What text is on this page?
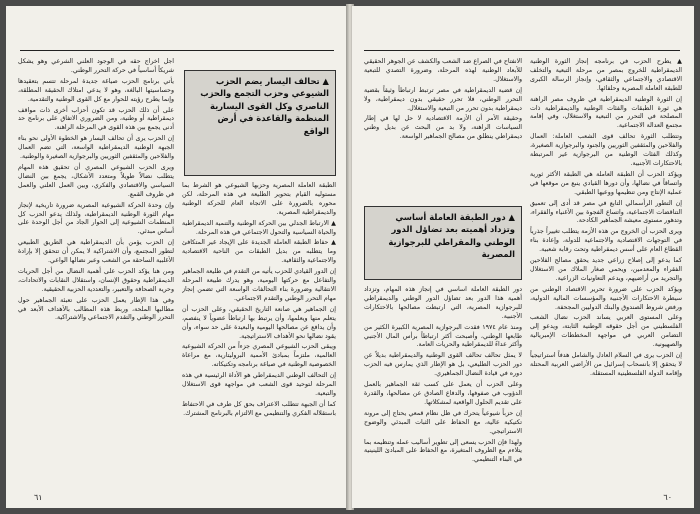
▲ تحالف اليسار يضم الحزب الشيوعي وحزب التجمع والحزب الناصري وكل القوى اليسارية المنظمة والقاعدة في أرض الواقع

الطبقة العاملة المصرية وحزبها الشيوعي هو الشرط بما مستوليه القيام بتحوير الطليعة في هذه المرحلة، لكن محوره بالضرورة على الاتجاه العام للحركة الوطنية والديمقراطية المصرية.

▲ الارتباط الجدلي بين الحركة الوطنية والتنمية الديمقراطية والحياة السياسية والتحول الاجتماعي في هذه المرحلة.

▲ حفاظ الطبقة العاملة الجديدة على الإيجاد غير المتكافئ وما يتطلبه من بديل الطبقات من الناحية الاقتصادية والاجتماعية والثقافية.

إن الدور القيادي للحزب يأتيه من التقدم في طليعة الجماهير والتفاعل مع حركتها اليومية، وهو يدرك طبيعة المرحلة الانتقالية وضرورة بناء التحالفات الواسعة التي تضمن إنجاز مهام التحرر الوطني والتقدم الاجتماعي.

إن الجماهير هي صانعة التاريخ الحقيقي، وعلى الحزب أن يتعلم منها ويعلمها، وأن يرتبط بها ارتباطاً عضوياً لا ينفصم، وأن يدافع عن مصالحها اليومية والبعيدة على حد سواء، وأن يقود نضالها نحو الأهداف الاستراتيجية.

ويبقى الحزب الشيوعي المصري جزءاً من الحركة الشيوعية العالمية، ملتزماً بمبادئ الأممية البروليتارية، مع مراعاة الخصوصية الوطنية في صياغة برنامجه وتكتيكاته.

إن التحالف الوطني الديمقراطي هو الأداة الرئيسية في هذه المرحلة لتوحيد قوى الشعب في مواجهة قوى الاستغلال والتبعية.

كما أن الجبهة تتطلب الاعتراف بحق كل طرف في الاحتفاظ باستقلاله الفكري والتنظيمي مع الالتزام بالبرنامج المشترك.

أجل اخراج حقه في الوجود العلني الشرعي وهو يشكل شريكاً أساسياً في حركة التحرر الوطني.

يأتي برنامج الحزب صياغة جديدة لمرحلة تتسم بتعقيدها وحساسيتها البالغة، وهو لا يدعي امتلاك الحقيقة المطلقة، وإنما يطرح رؤيته للحوار مع كل القوى الوطنية والتقدمية.

على أن ذلك الحزب قد تكون أحزاب أخرى ذات مواقف ديمقراطية أو وطنية، ومن الضروري الاتفاق على برنامج حد أدنى يجمع بين هذه القوى في المرحلة الراهنة.

إن الحزب يرى أن تحالف اليسار هو الخطوة الأولى نحو بناء الجبهة الوطنية الديمقراطية الواسعة، التي تضم العمال والفلاحين والمثقفين الثوريين والبرجوازية الصغيرة والوطنية.

ويرى الحزب الشيوعي المصري أن تحقيق هذه المهام يتطلب نضالاً طويلاً ومتعدد الأشكال، يجمع بين النضال السياسي والاقتصادي والفكري، وبين العمل العلني والعمل في ظروف القمع.

وإن وحدة الحركة الشيوعية المصرية ضرورة تاريخية لإنجاز مهام الثورة الوطنية الديمقراطية، ولذلك يدعو الحزب كل المنظمات الشيوعية إلى الحوار الجاد من أجل الوحدة على أساس مبدئي.

إن الحزب يؤمن بأن الديمقراطية هي الطريق الطبيعي لتطور المجتمع، وأن الاشتراكية لا يمكن أن تتحقق إلا بإرادة الأغلبية الساحقة من الشعب وعبر نضالها الواعي.

ومن هنا يؤكد الحزب على أهمية النضال من أجل الحريات الديمقراطية وحقوق الإنسان، واستقلال النقابات والاتحادات، وحرية الصحافة والتعبير، والتعددية الحزبية الحقيقية.

وفي هذا الإطار يعمل الحزب على تعبئة الجماهير حول مطالبها الملحة، وربط هذه المطالب بالأهداف الأبعد في التحرر الوطني والتقدم الاجتماعي والاشتراكية.

٦١

▲ يطرح الحزب في برنامجه إنجاز الثورة الوطنية الديمقراطية للخروج بمصر من مرحلة التبعية والتخلف الاقتصادي والاجتماعي والثقافي، وإنجاز الرسالة الكبرى للطبقة العاملة المصرية وحلفائها.

إن الثورة الوطنية الديمقراطية في ظروف مصر الراهنة هي ثورة الطبقات والفئات الوطنية والديمقراطية ذات المصلحة في التحرر من التبعية والاستغلال، وفي إقامة مجتمع العدالة الاجتماعية.

وتتطلب الثورة تحالف قوى الشعب العاملة: العمال والفلاحين والمثقفين الثوريين والجنود والبرجوازية الصغيرة، وكذلك الفئات الوطنية من البرجوازية غير المرتبطة بالاحتكارات الأجنبية.

ويؤكد الحزب أن الطبقة العاملة هي الطبقة الأكثر ثورية واتساقاً في نضالها، وأن دورها القيادي ينبع من موقعها في عملية الإنتاج ومن تنظيمها ووعيها الطبقي.

إن التطور الرأسمالي التابع في مصر قد أدى إلى تعميق التناقضات الاجتماعية، واتساع الفجوة بين الأغنياء والفقراء، وتدهور مستوى معيشة الجماهير الكادحة.

ويرى الحزب أن الخروج من هذه الأزمة يتطلب تغييراً جذرياً في التوجهات الاقتصادية والاجتماعية للدولة، وإعادة بناء القطاع العام على أسس ديمقراطية وتحت رقابة شعبية.

كما يدعو إلى إصلاح زراعي جديد يحقق مصالح الفلاحين الفقراء والمعدمين، ويحمي صغار الملاك من الاستغلال والتجريد من أراضيهم، ويدعم التعاونيات الزراعية.

ويؤكد الحزب على ضرورة تحرير الاقتصاد الوطني من سيطرة الاحتكارات الأجنبية والمؤسسات المالية الدولية، ورفض شروط الصندوق والبنك الدوليين المجحفة.

وعلى المستوى العربي يساند الحزب نضال الشعب الفلسطيني من أجل حقوقه الوطنية الثابتة، ويدعو إلى التضامن العربي في مواجهة المخططات الإمبريالية والصهيونية.

إن الحزب يرى في السلام العادل والشامل هدفاً استراتيجياً لا يتحقق إلا بانسحاب إسرائيل من الأراضي العربية المحتلة وإقامة الدولة الفلسطينية المستقلة.

▲ دور الطبقة العاملة أساسي وتزداد أهميته بعد تضاؤل الدور الوطني والمقراطي للبرجوازية المصرية

الانفتاح في الصراع ضد الشعب والكشف عن الجوهر الحقيقي للأبعاد الوطنية لهذه المرحلة، وضرورة التصدي للتبعية والاستغلال.

إن قضية الديمقراطية في مصر ترتبط ارتباطاً وثيقاً بقضية التحرر الوطني، فلا تحرر حقيقي بدون ديمقراطية، ولا ديمقراطية بدون تحرر من التبعية والاستغلال.

وحقيقة الأمر أن الأزمة الاقتصادية لا حل لها في إطار السياسات الراهنة، ولا بد من البحث عن بديل وطني ديمقراطي ينطلق من مصالح الجماهير الواسعة.

دور الطبقة العاملة أساسي في إنجاز هذه المهام، وتزداد أهمية هذا الدور بعد تضاؤل الدور الوطني والديمقراطي للبرجوازية المصرية، التي ارتبطت مصالحها بالاحتكارات الأجنبية.

ومنذ عام ١٩٧٤ فقدت البرجوازية المصرية الكبيرة الكثير من طابعها الوطني، وأصبحت أكثر ارتباطاً برأس المال الأجنبي وأكثر عداءً للديمقراطية والحريات العامة.

لا يمثل تحالف تحالف القوى الوطنية والديمقراطية بديلاً عن دور الحزب الطليعي، بل هو الإطار الذي يمارس فيه الحزب دوره في قيادة النضال الجماهيري.

وعلى الحزب أن يعمل على كسب ثقة الجماهير بالعمل الدؤوب في صفوفها، والدفاع الصادق عن مصالحها، والقدرة على تقديم الحلول الواقعية لمشكلاتها.

إن حزباً شيوعياً يتحرك في ظل نظام قمعي يحتاج إلى مرونة تكتيكية عالية، مع الحفاظ على الثبات المبدئي والوضوح الاستراتيجي.

ولهذا فإن الحزب يسعى إلى تطوير أساليب عمله وتنظيمه بما يتلاءم مع الظروف المتغيرة، مع الحفاظ على المبادئ اللينينية في البناء التنظيمي.

٦٠
